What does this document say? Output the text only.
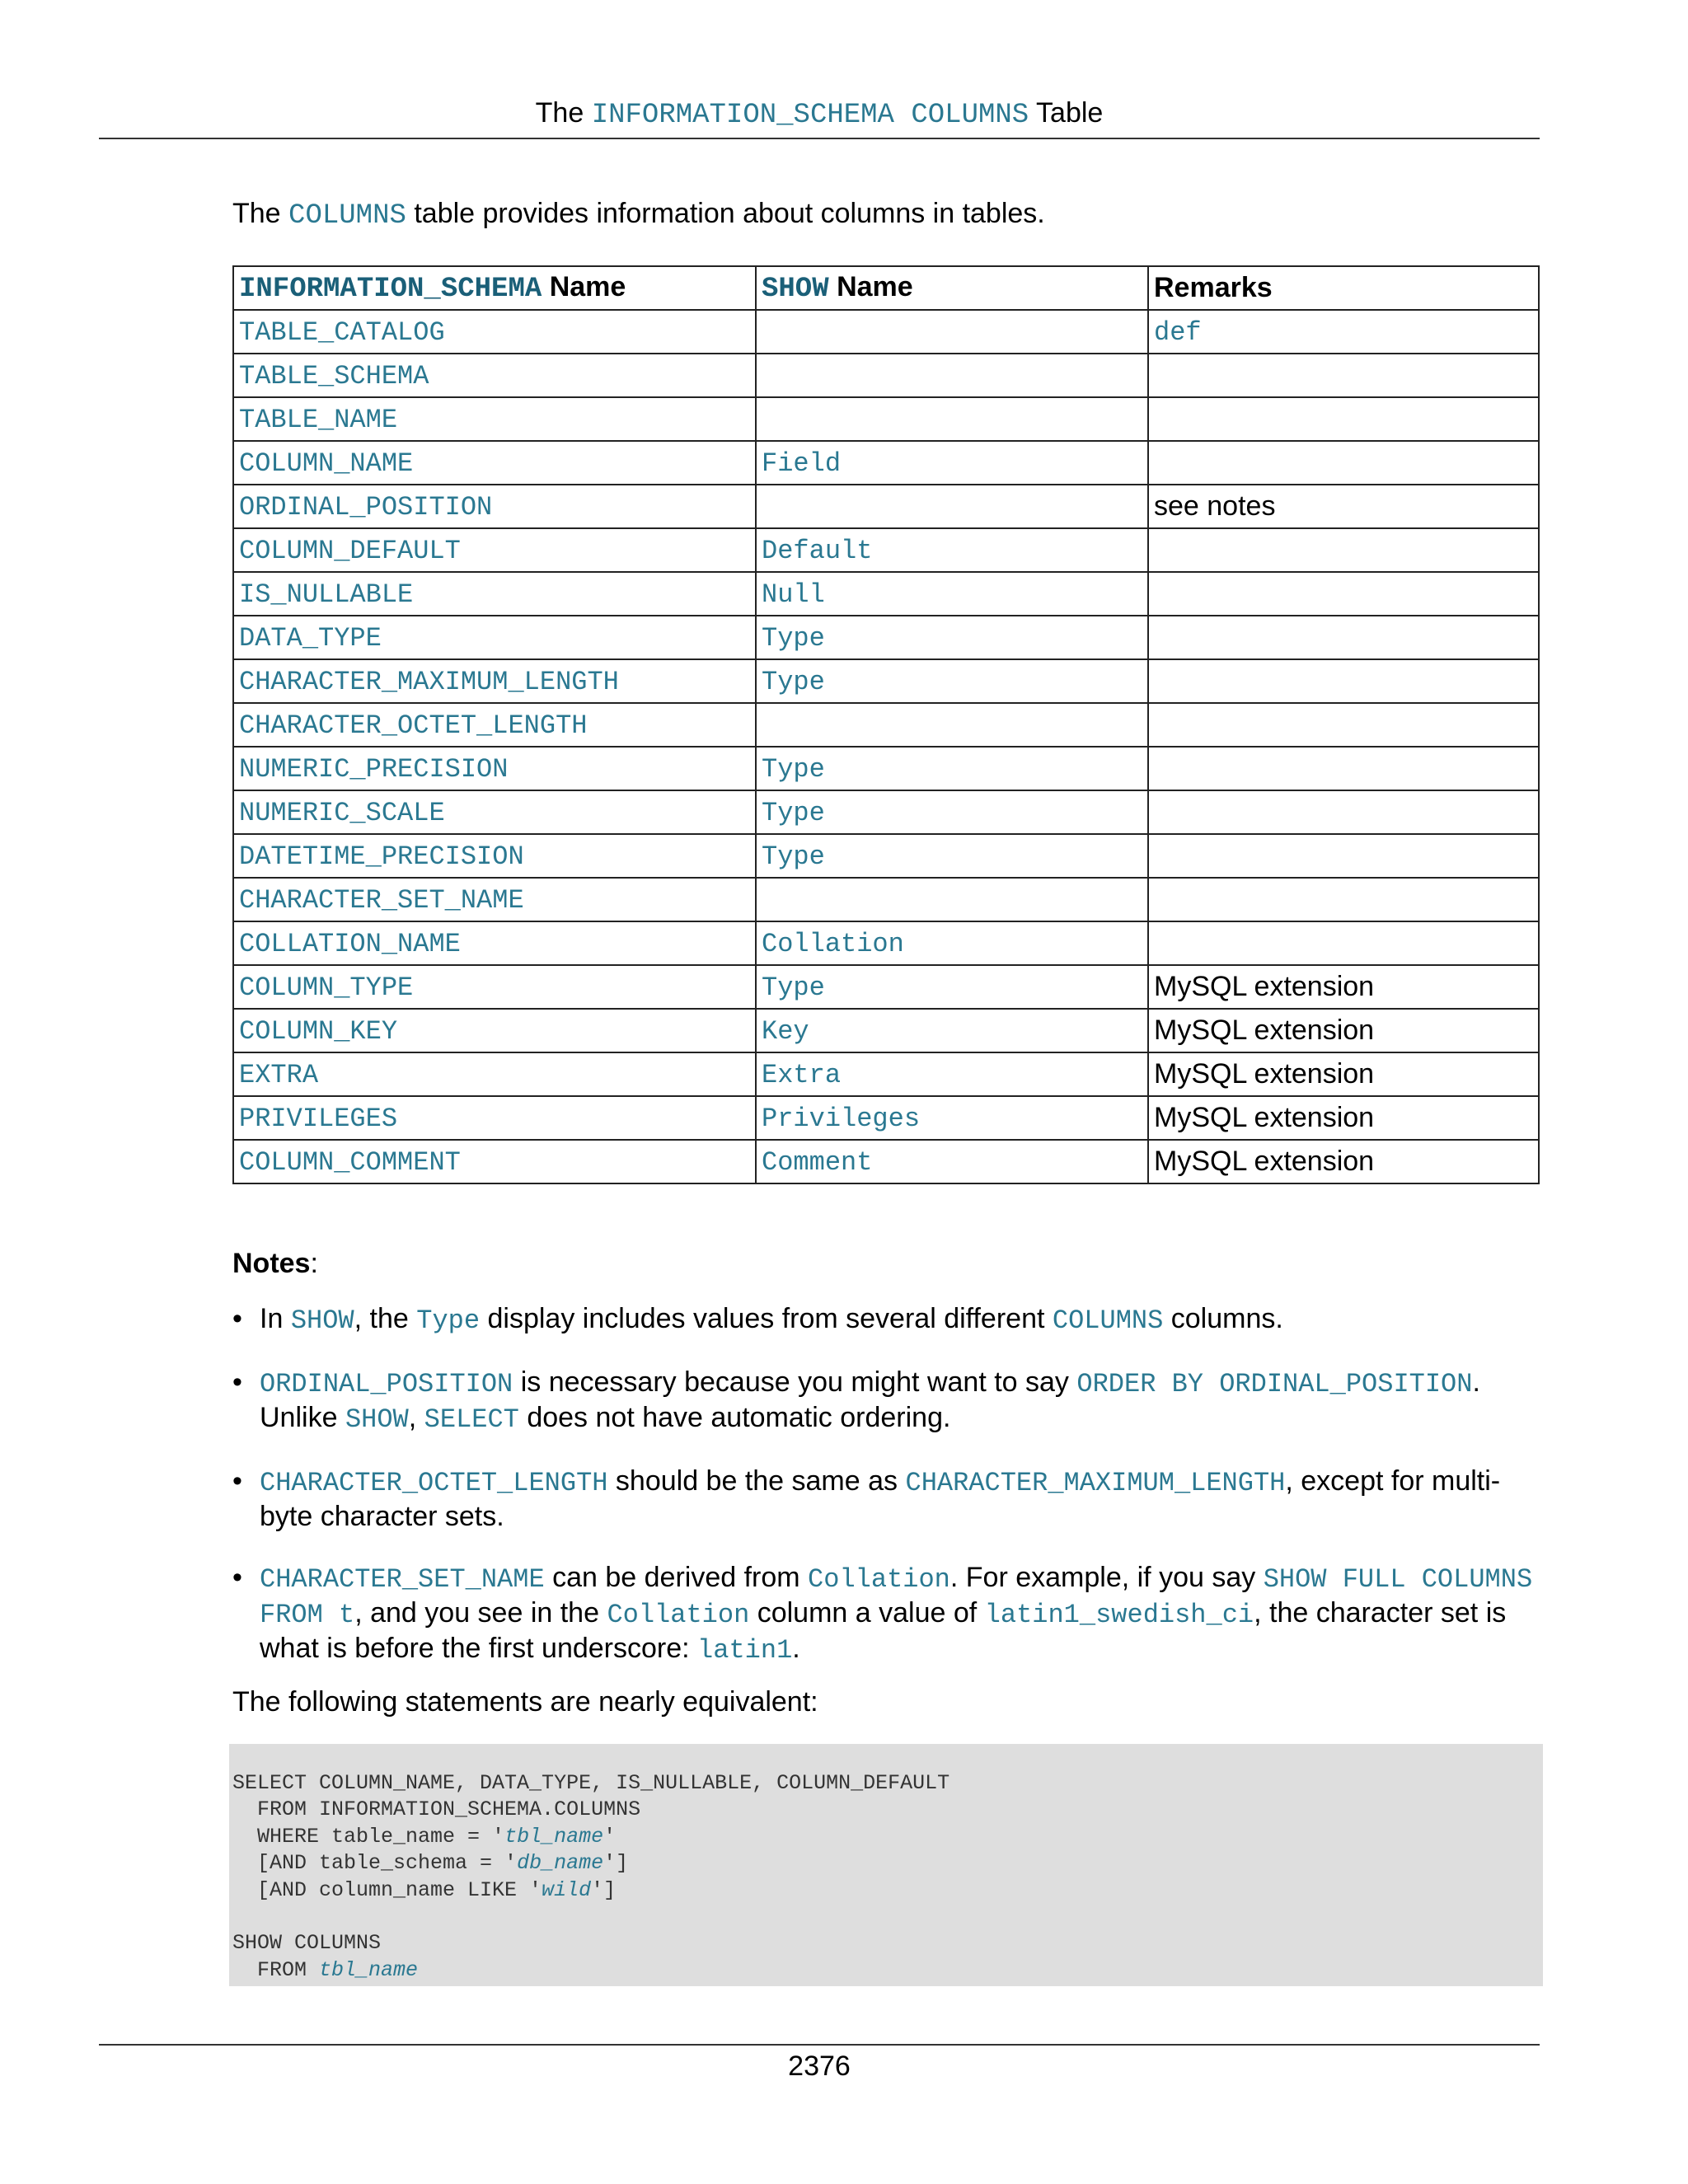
The INFORMATION_SCHEMA COLUMNS Table
The COLUMNS table provides information about columns in tables.
INFORMATION_SCHEMA Name	SHOW Name	Remarks
TABLE_CATALOG		def
TABLE_SCHEMA		
TABLE_NAME		
COLUMN_NAME	Field	
ORDINAL_POSITION		see notes
COLUMN_DEFAULT	Default	
IS_NULLABLE	Null	
DATA_TYPE	Type	
CHARACTER_MAXIMUM_LENGTH	Type	
CHARACTER_OCTET_LENGTH		
NUMERIC_PRECISION	Type	
NUMERIC_SCALE	Type	
DATETIME_PRECISION	Type	
CHARACTER_SET_NAME		
COLLATION_NAME	Collation	
COLUMN_TYPE	Type	MySQL extension
COLUMN_KEY	Key	MySQL extension
EXTRA	Extra	MySQL extension
PRIVILEGES	Privileges	MySQL extension
COLUMN_COMMENT	Comment	MySQL extension
Notes:
• In SHOW, the Type display includes values from several different COLUMNS columns.
• ORDINAL_POSITION is necessary because you might want to say ORDER BY ORDINAL_POSITION. Unlike SHOW, SELECT does not have automatic ordering.
• CHARACTER_OCTET_LENGTH should be the same as CHARACTER_MAXIMUM_LENGTH, except for multi-byte character sets.
• CHARACTER_SET_NAME can be derived from Collation. For example, if you say SHOW FULL COLUMNS FROM t, and you see in the Collation column a value of latin1_swedish_ci, the character set is what is before the first underscore: latin1.
The following statements are nearly equivalent:
SELECT COLUMN_NAME, DATA_TYPE, IS_NULLABLE, COLUMN_DEFAULT
FROM INFORMATION_SCHEMA.COLUMNS
WHERE table_name = 'tbl_name'
[AND table_schema = 'db_name']
[AND column_name LIKE 'wild']

SHOW COLUMNS
FROM tbl_name
2376
